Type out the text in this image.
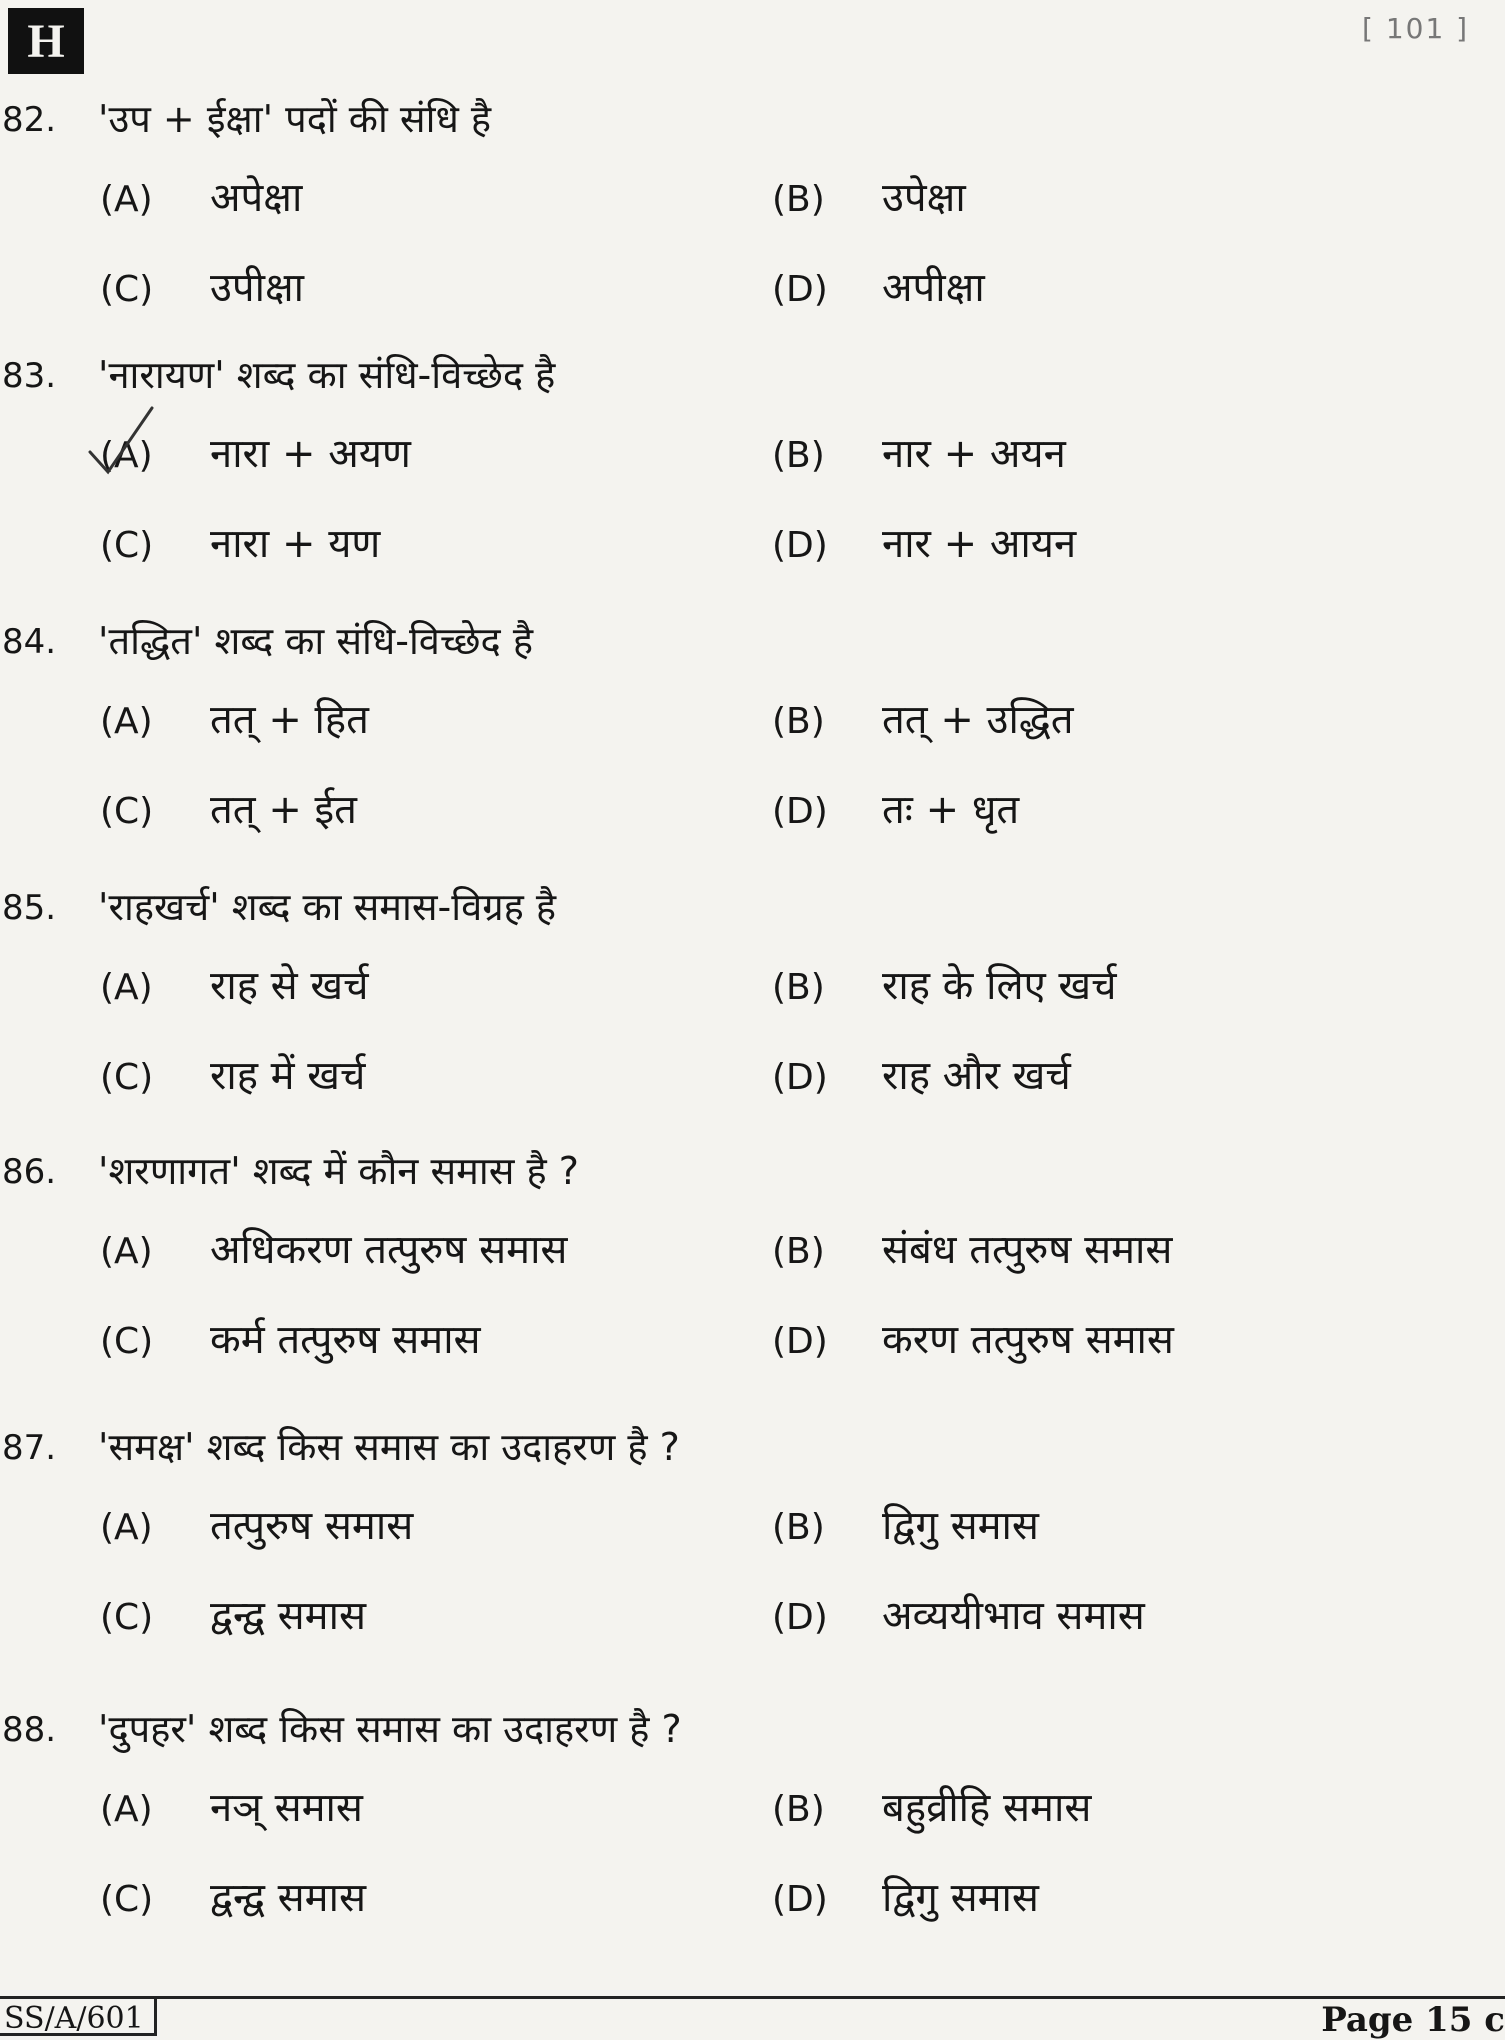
H	[ 101 ]
82. 'उप + ईक्षा' पदों की संधि है
(A) अपेक्षा	(B) उपेक्षा
(C) उपीक्षा	(D) अपीक्षा
83. 'नारायण' शब्द का संधि-विच्छेद है
(A) नारा + अयण	(B) नार + अयन
(C) नारा + यण	(D) नार + आयन
84. 'तद्धित' शब्द का संधि-विच्छेद है
(A) तत् + हित	(B) तत् + उद्धित
(C) तत् + ईत	(D) तः + धृत
85. 'राहखर्च' शब्द का समास-विग्रह है
(A) राह से खर्च	(B) राह के लिए खर्च
(C) राह में खर्च	(D) राह और खर्च
86. 'शरणागत' शब्द में कौन समास है ?
(A) अधिकरण तत्पुरुष समास	(B) संबंध तत्पुरुष समास
(C) कर्म तत्पुरुष समास	(D) करण तत्पुरुष समास
87. 'समक्ष' शब्द किस समास का उदाहरण है ?
(A) तत्पुरुष समास	(B) द्विगु समास
(C) द्वन्द्व समास	(D) अव्ययीभाव समास
88. 'दुपहर' शब्द किस समास का उदाहरण है ?
(A) नञ् समास	(B) बहुव्रीहि समास
(C) द्वन्द्व समास	(D) द्विगु समास
SS/A/601	Page 15 c
